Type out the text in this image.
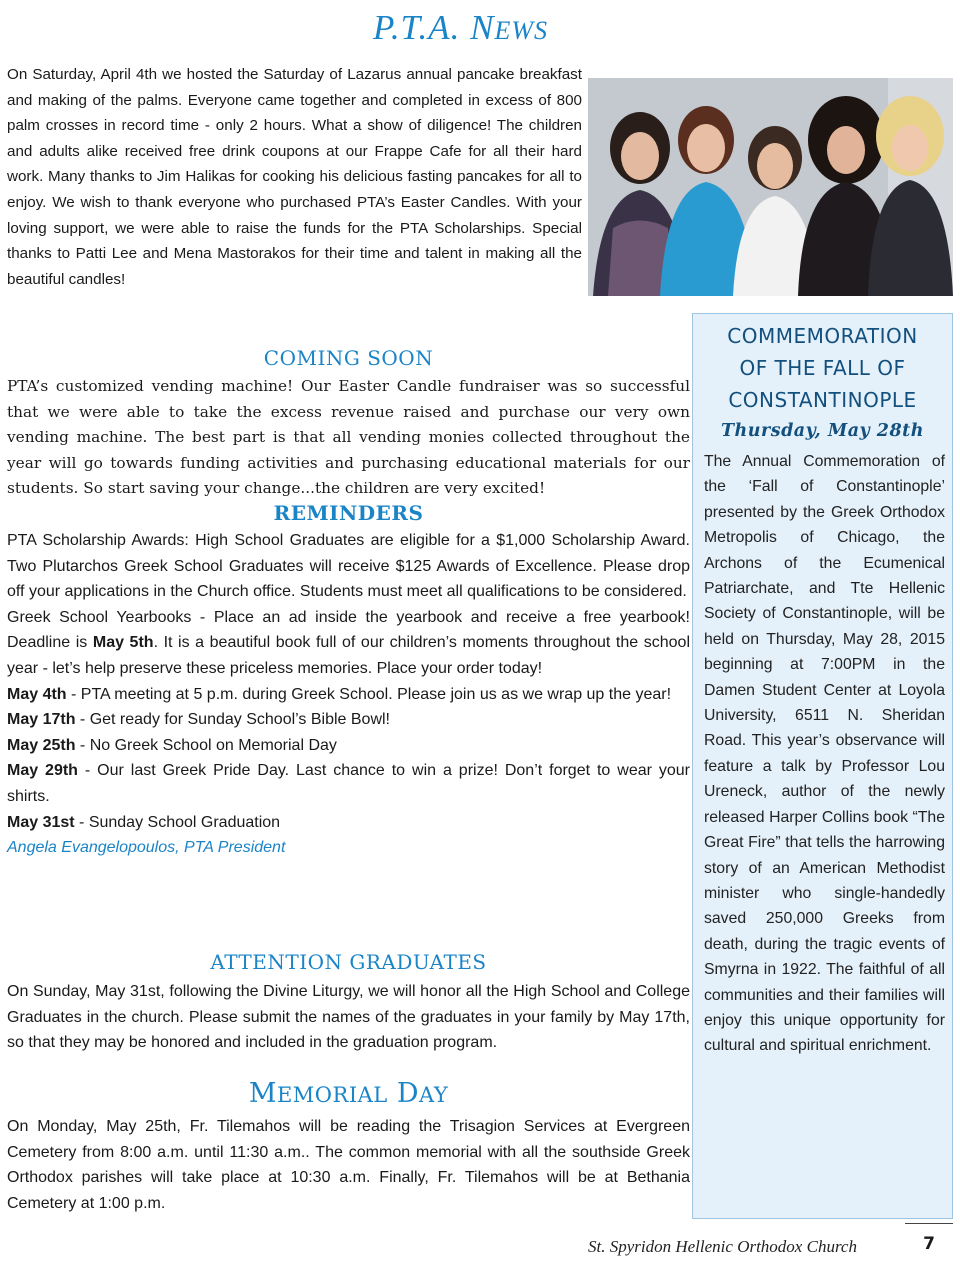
P.T.A. NEWS

On Saturday, April 4th we hosted the Saturday of Lazarus annual pancake breakfast and making of the palms. Everyone came together and completed in excess of 800 palm crosses in record time - only 2 hours. What a show of diligence! The children and adults alike received free drink coupons at our Frappe Cafe for all their hard work. Many thanks to Jim Halikas for cooking his delicious fasting pancakes for all to enjoy. We wish to thank everyone who purchased PTA’s Easter Candles. With your loving support, we were able to raise the funds for the PTA Scholarships. Special thanks to Patti Lee and Mena Mastorakos for their time and talent in making all the beautiful candles!

COMING SOON

PTA’s customized vending machine! Our Easter Candle fundraiser was so successful that we were able to take the excess revenue raised and purchase our very own vending machine. The best part is that all vending monies collected throughout the year will go towards funding activities and purchasing educational materials for our students. So start saving your change...the children are very excited!

REMINDERS
PTA Scholarship Awards: High School Graduates are eligible for a $1,000 Scholarship Award. Two Plutarchos Greek School Graduates will receive $125 Awards of Excellence. Please drop off your applications in the Church office. Students must meet all qualifications to be considered.
Greek School Yearbooks - Place an ad inside the yearbook and receive a free yearbook! Deadline is May 5th. It is a beautiful book full of our children’s moments throughout the school year - let’s help preserve these priceless memories. Place your order today!
May 4th - PTA meeting at 5 p.m. during Greek School. Please join us as we wrap up the year!
May 17th - Get ready for Sunday School’s Bible Bowl!
May 25th - No Greek School on Memorial Day
May 29th - Our last Greek Pride Day. Last chance to win a prize! Don’t forget to wear your shirts.
May 31st - Sunday School Graduation
Angela Evangelopoulos, PTA President
ATTENTION GRADUATES

On Sunday, May 31st, following the Divine Liturgy, we will honor all the High School and College Graduates in the church. Please submit the names of the graduates in your family by May 17th, so that they may be honored and included in the graduation program.

MEMORIAL DAY

On Monday, May 25th, Fr. Tilemahos will be reading the Trisagion Services at Evergreen Cemetery from 8:00 a.m. until 11:30 a.m.. The common memorial with all the southside Greek Orthodox parishes will take place at 10:30 a.m. Finally, Fr. Tilemahos will be at Bethania Cemetery at 1:00 p.m.

COMMEMORATION
OF THE FALL OF
CONSTANTINOPLE
Thursday, May 28th

The Annual Commemoration of the ‘Fall of Constantinople’ presented by the Greek Orthodox Metropolis of Chicago, the Archons of the Ecumenical Patriarchate, and Tte Hellenic Society of Constantinople, will be held on Thursday, May 28, 2015 beginning at 7:00PM in the Damen Student Center at Loyola University, 6511 N. Sheridan Road. This year’s observance will feature a talk by Professor Lou Ureneck, author of the newly released Harper Collins book “The Great Fire” that tells the harrowing story of an American Methodist minister who single-handedly saved 250,000 Greeks from death, during the tragic events of Smyrna in 1922. The faithful of all communities and their families will enjoy this unique opportunity for cultural and spiritual enrichment.

St. Spyridon Hellenic Orthodox Church	7
